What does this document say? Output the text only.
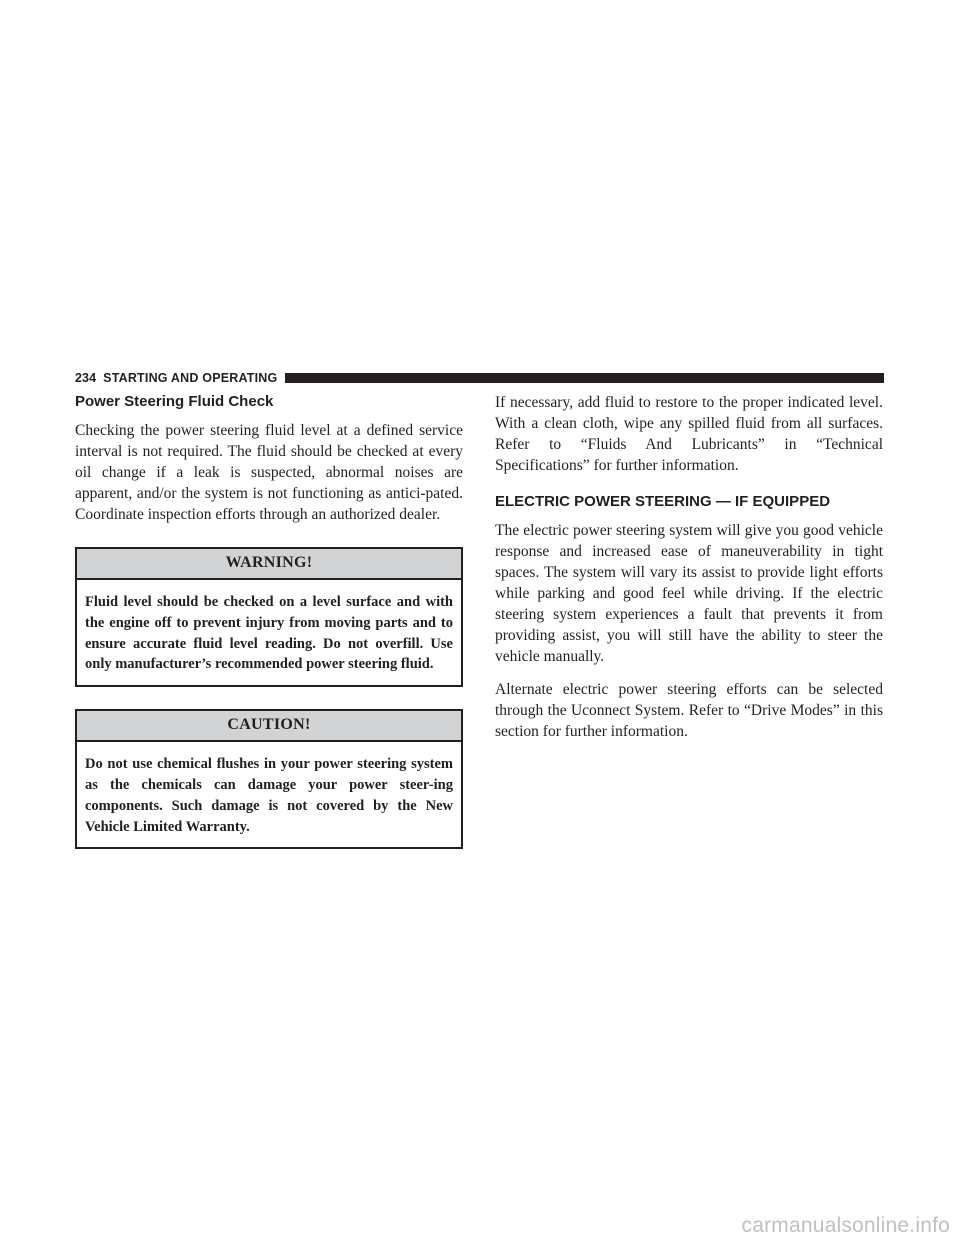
234 STARTING AND OPERATING
Power Steering Fluid Check

Checking the power steering fluid level at a defined service interval is not required. The fluid should be checked at every oil change if a leak is suspected, abnormal noises are apparent, and/or the system is not functioning as antici-pated. Coordinate inspection efforts through an authorized dealer.

WARNING!
Fluid level should be checked on a level surface and with the engine off to prevent injury from moving parts and to ensure accurate fluid level reading. Do not overfill. Use only manufacturer’s recommended power steering fluid.
CAUTION!
Do not use chemical flushes in your power steering system as the chemicals can damage your power steer-ing components. Such damage is not covered by the New Vehicle Limited Warranty.

If necessary, add fluid to restore to the proper indicated level. With a clean cloth, wipe any spilled fluid from all surfaces. Refer to “Fluids And Lubricants” in “Technical Specifications” for further information.

ELECTRIC POWER STEERING — IF EQUIPPED

The electric power steering system will give you good vehicle response and increased ease of maneuverability in tight spaces. The system will vary its assist to provide light efforts while parking and good feel while driving. If the electric steering system experiences a fault that prevents it from providing assist, you will still have the ability to steer the vehicle manually.

Alternate electric power steering efforts can be selected through the Uconnect System. Refer to “Drive Modes” in this section for further information.

carmanualsonline.info
